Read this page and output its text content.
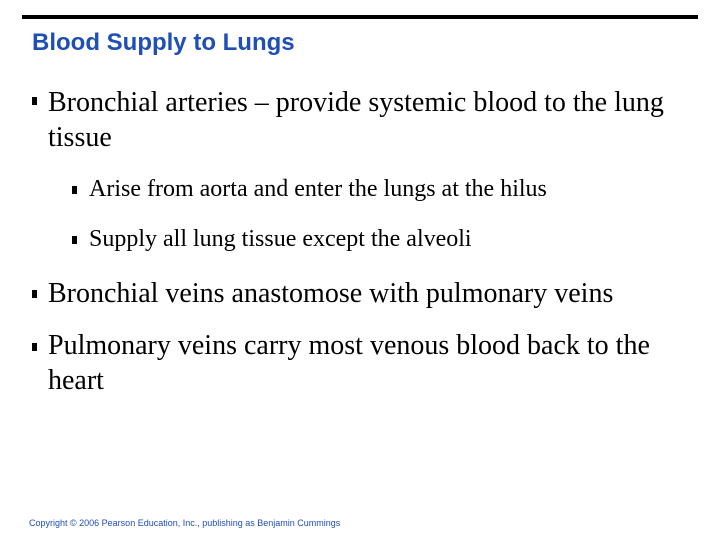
Blood Supply to Lungs
Bronchial arteries – provide systemic blood to the lung tissue
Arise from aorta and enter the lungs at the hilus
Supply all lung tissue except the alveoli
Bronchial veins anastomose with pulmonary veins
Pulmonary veins carry most venous blood back to the heart
Copyright © 2006 Pearson Education, Inc., publishing as Benjamin Cummings
